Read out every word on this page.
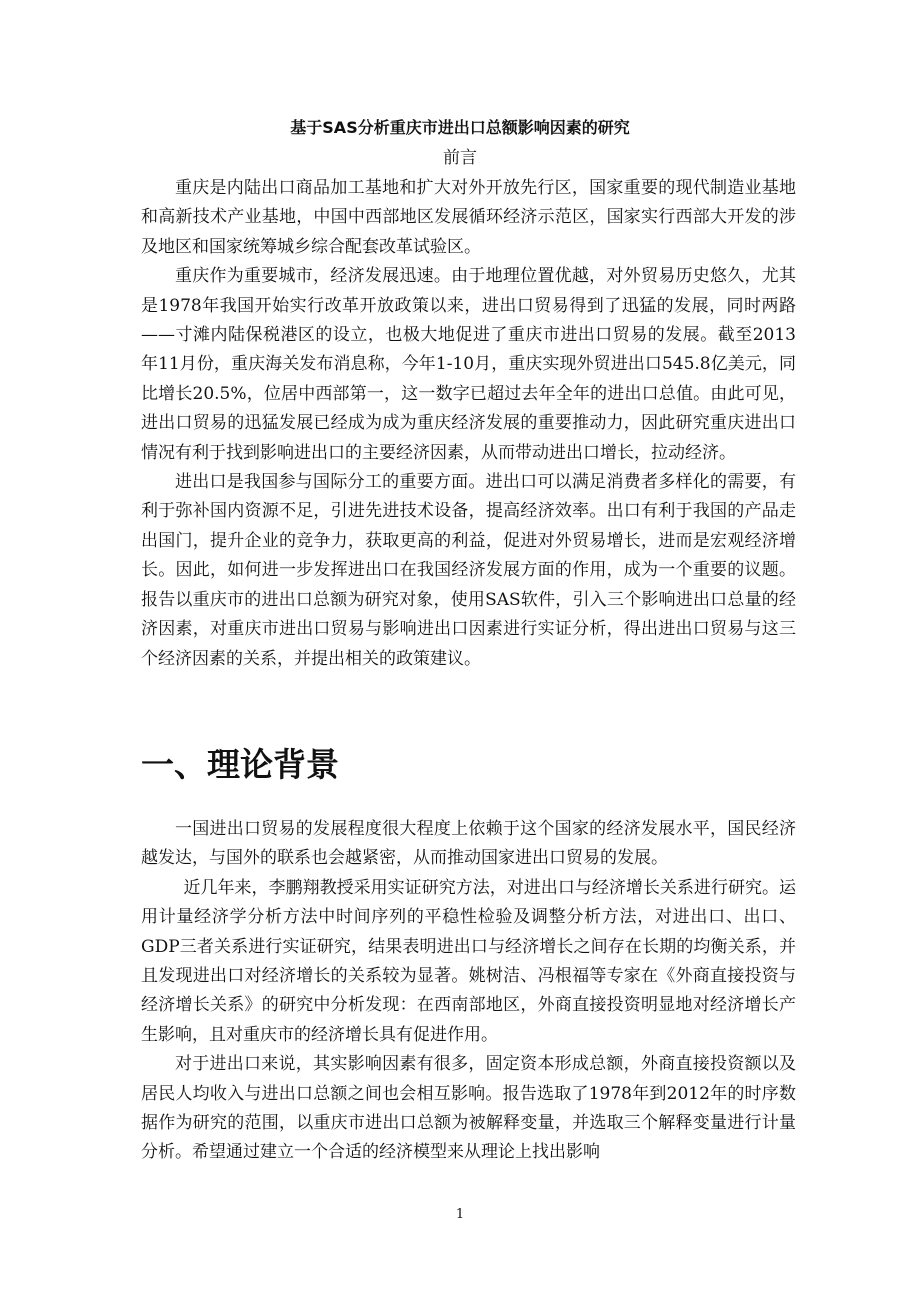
基于SAS分析重庆市进出口总额影响因素的研究
前言

重庆是内陆出口商品加工基地和扩大对外开放先行区，国家重要的现代制造业基地和高新技术产业基地，中国中西部地区发展循环经济示范区，国家实行西部大开发的涉及地区和国家统筹城乡综合配套改革试验区。

重庆作为重要城市，经济发展迅速。由于地理位置优越，对外贸易历史悠久，尤其是1978年我国开始实行改革开放政策以来，进出口贸易得到了迅猛的发展，同时两路——寸滩内陆保税港区的设立，也极大地促进了重庆市进出口贸易的发展。截至2013年11月份，重庆海关发布消息称，今年1-10月，重庆实现外贸进出口545.8亿美元，同比增长20.5%，位居中西部第一，这一数字已超过去年全年的进出口总值。由此可见，进出口贸易的迅猛发展已经成为成为重庆经济发展的重要推动力，因此研究重庆进出口情况有利于找到影响进出口的主要经济因素，从而带动进出口增长，拉动经济。

进出口是我国参与国际分工的重要方面。进出口可以满足消费者多样化的需要，有利于弥补国内资源不足，引进先进技术设备，提高经济效率。出口有利于我国的产品走出国门，提升企业的竞争力，获取更高的利益，促进对外贸易增长，进而是宏观经济增长。因此，如何进一步发挥进出口在我国经济发展方面的作用，成为一个重要的议题。报告以重庆市的进出口总额为研究对象，使用SAS软件，引入三个影响进出口总量的经济因素，对重庆市进出口贸易与影响进出口因素进行实证分析，得出进出口贸易与这三个经济因素的关系，并提出相关的政策建议。

一、理论背景

一国进出口贸易的发展程度很大程度上依赖于这个国家的经济发展水平，国民经济越发达，与国外的联系也会越紧密，从而推动国家进出口贸易的发展。

近几年来，李鹏翔教授采用实证研究方法，对进出口与经济增长关系进行研究。运用计量经济学分析方法中时间序列的平稳性检验及调整分析方法，对进出口、出口、GDP三者关系进行实证研究，结果表明进出口与经济增长之间存在长期的均衡关系，并且发现进出口对经济增长的关系较为显著。姚树洁、冯根福等专家在《外商直接投资与经济增长关系》的研究中分析发现：在西南部地区，外商直接投资明显地对经济增长产生影响，且对重庆市的经济增长具有促进作用。

对于进出口来说，其实影响因素有很多，固定资本形成总额，外商直接投资额以及居民人均收入与进出口总额之间也会相互影响。报告选取了1978年到2012年的时序数据作为研究的范围，以重庆市进出口总额为被解释变量，并选取三个解释变量进行计量分析。希望通过建立一个合适的经济模型来从理论上找出影响

1
